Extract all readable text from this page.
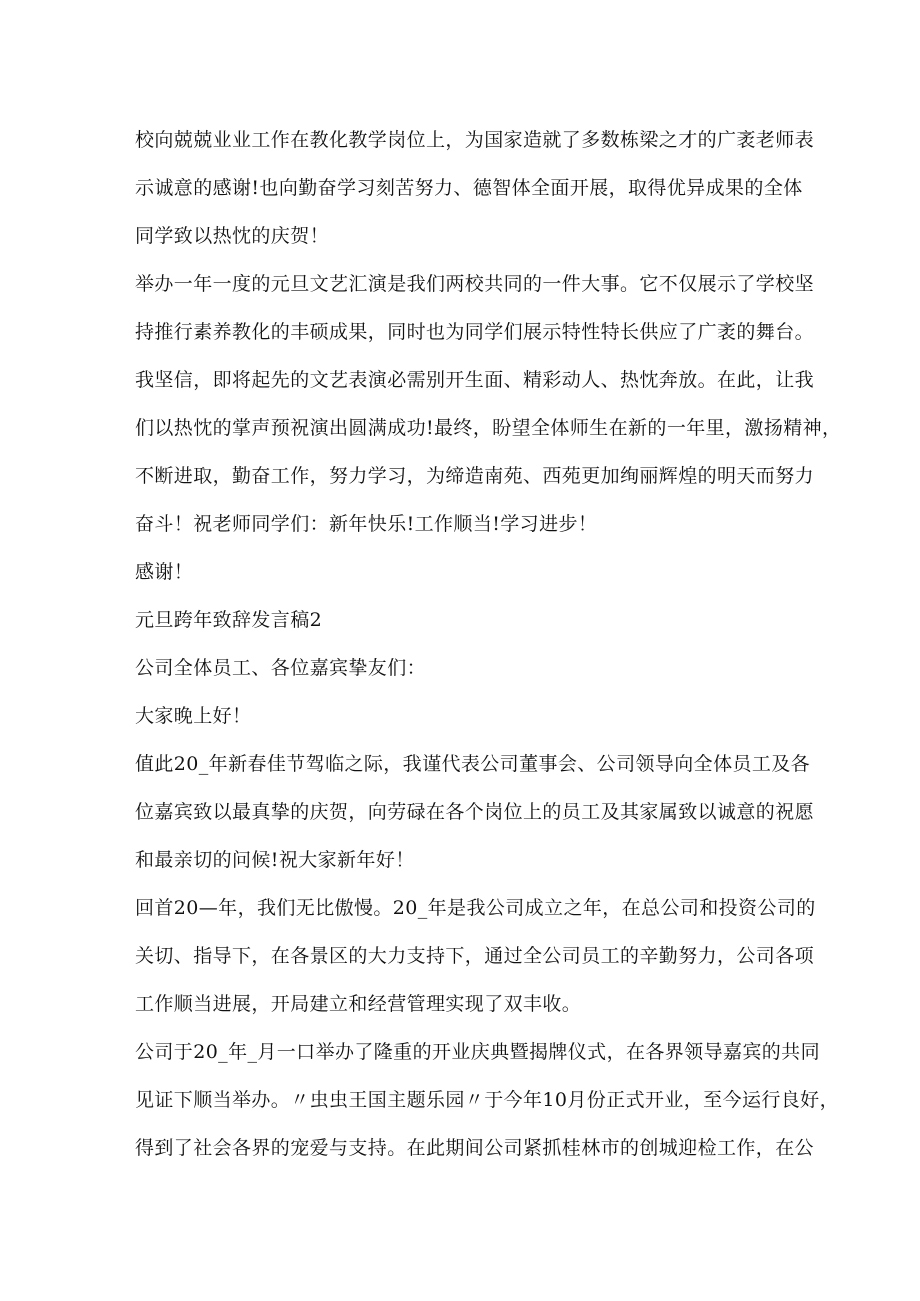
校向兢兢业业工作在教化教学岗位上，为国家造就了多数栋梁之才的广袤老师表
示诚意的感谢!也向勤奋学习刻苦努力、德智体全面开展，取得优异成果的全体
同学致以热忱的庆贺！
举办一年一度的元旦文艺汇演是我们两校共同的一件大事。它不仅展示了学校坚
持推行素养教化的丰硕成果，同时也为同学们展示特性特长供应了广袤的舞台。
我坚信，即将起先的文艺表演必需别开生面、精彩动人、热忱奔放。在此，让我
们以热忱的掌声预祝演出圆满成功!最终，盼望全体师生在新的一年里，激扬精神，
不断进取，勤奋工作，努力学习，为缔造南苑、西苑更加绚丽辉煌的明天而努力
奋斗！祝老师同学们：新年快乐!工作顺当!学习进步！
感谢！
元旦跨年致辞发言稿2
公司全体员工、各位嘉宾挚友们：
大家晚上好！
值此20_年新春佳节驾临之际，我谨代表公司董事会、公司领导向全体员工及各
位嘉宾致以最真挚的庆贺，向劳碌在各个岗位上的员工及其家属致以诚意的祝愿
和最亲切的问候!祝大家新年好！
回首20—年，我们无比傲慢。20_年是我公司成立之年，在总公司和投资公司的
关切、指导下，在各景区的大力支持下，通过全公司员工的辛勤努力，公司各项
工作顺当进展，开局建立和经营管理实现了双丰收。
公司于20_年_月一口举办了隆重的开业庆典暨揭牌仪式，在各界领导嘉宾的共同
见证下顺当举办。〃虫虫王国主题乐园〃于今年10月份正式开业，至今运行良好，
得到了社会各界的宠爱与支持。在此期间公司紧抓桂林市的创城迎检工作，在公
